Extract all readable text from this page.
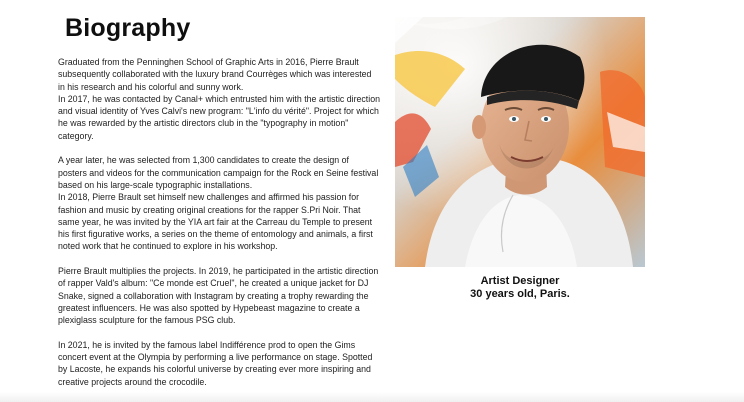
Biography

Graduated from the Penninghen School of Graphic Arts in 2016, Pierre Brault subsequently collaborated with the luxury brand Courrèges which was interested in his research and his colorful and sunny work.

In 2017, he was contacted by Canal+ which entrusted him with the artistic direction and visual identity of Yves Calvi's new program: "L'info du vérité". Project for which he was rewarded by the artistic directors club in the "typography in motion" category.

A year later, he was selected from 1,300 candidates to create the design of posters and videos for the communication campaign for the Rock en Seine festival based on his large-scale typographic installations.

In 2018, Pierre Brault set himself new challenges and affirmed his passion for fashion and music by creating original creations for the rapper S.Pri Noir. That same year, he was invited by the YIA art fair at the Carreau du Temple to present his first figurative works, a series on the theme of entomology and animals, a first noted work that he continued to explore in his workshop.

Pierre Brault multiplies the projects. In 2019, he participated in the artistic direction of rapper Vald's album: "Ce monde est Cruel", he created a unique jacket for DJ Snake, signed a collaboration with Instagram by creating a trophy rewarding the greatest influencers. He was also spotted by Hypebeast magazine to create a plexiglass sculpture for the famous PSG club.

In 2021, he is invited by the famous label Indifférence prod to open the Gims concert event at the Olympia by performing a live performance on stage. Spotted by Lacoste, he expands his colorful universe by creating ever more inspiring and creative projects around the crocodile.

Artist Designer
30 years old, Paris.
